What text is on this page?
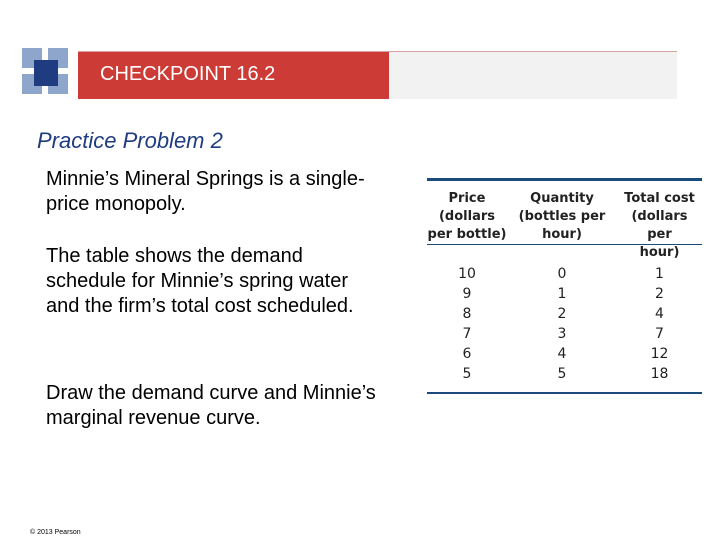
CHECKPOINT 16.2
Practice Problem 2
Minnie’s Mineral Springs is a single-price monopoly.
The table shows the demand schedule for Minnie’s spring water and the firm’s total cost scheduled.
Draw the demand curve and Minnie’s marginal revenue curve.
Price
(dollars
per bottle)
Quantity
(bottles per
hour)
Total cost
(dollars per
hour)
10	0	1
9	1	2
8	2	4
7	3	7
6	4	12
5	5	18
© 2013 Pearson
